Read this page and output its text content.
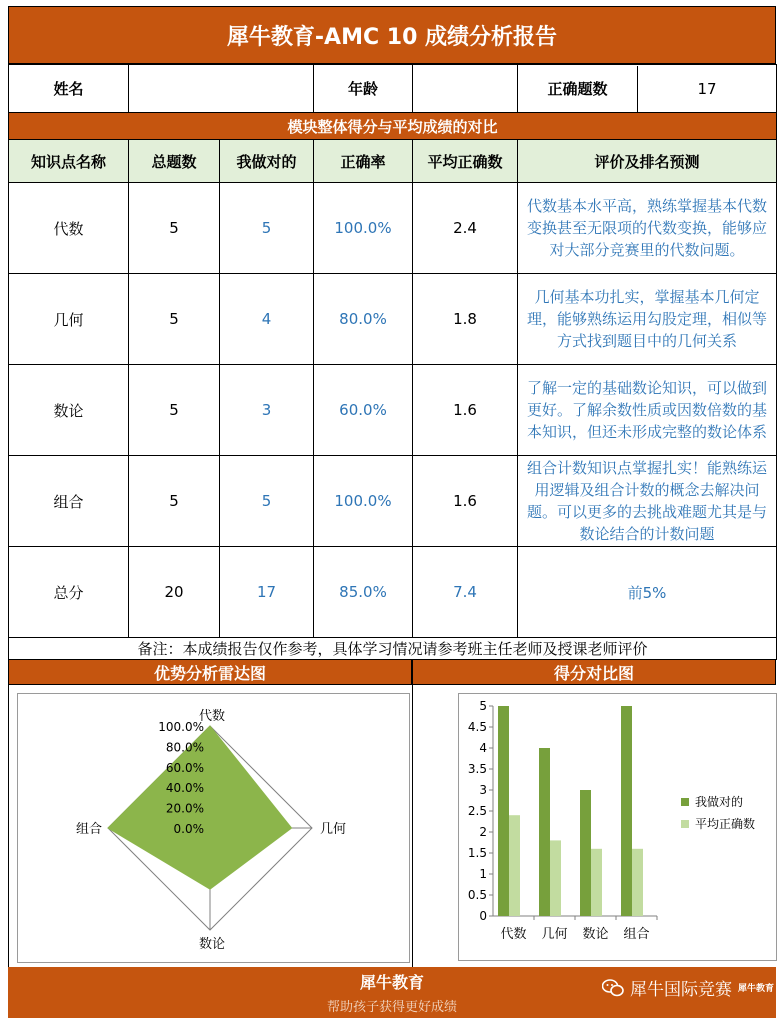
犀牛教育-AMC 10 成绩分析报告
姓名			年龄		正确题数 17

模块整体得分与平均成绩的对比					
知识点名称	总题数	我做对的	正确率	平均正确数	评价及排名预测
代数	5	5	100.0%	2.4	代数基本水平高，熟练掌握基本代数变换甚至无限项的代数变换，能够应对大部分竞赛里的代数问题。
几何	5	4	80.0%	1.8	几何基本功扎实，掌握基本几何定理，能够熟练运用勾股定理，相似等方式找到题目中的几何关系
数论	5	3	60.0%	1.6	了解一定的基础数论知识，可以做到更好。了解余数性质或因数倍数的基本知识，但还未形成完整的数论体系
组合	5	5	100.0%	1.6	组合计数知识点掌握扎实！能熟练运用逻辑及组合计数的概念去解决问题。可以更多的去挑战难题尤其是与数论结合的计数问题
总分	20	17	85.0%	7.4	前5%
备注：本成绩报告仅作参考，具体学习情况请参考班主任老师及授课老师评价					
优势分析雷达图	得分对比图
100.0%
80.0%
60.0%
40.0%
20.0%
0.0%
代数
几何
数论
组合
0
0.5
1
1.5
2
2.5
3
3.5
4
4.5
5
代数 几何 数论 组合
我做对的
平均正确数
犀牛教育
帮助孩子获得更好成绩
犀牛国际竞赛 犀牛教育
